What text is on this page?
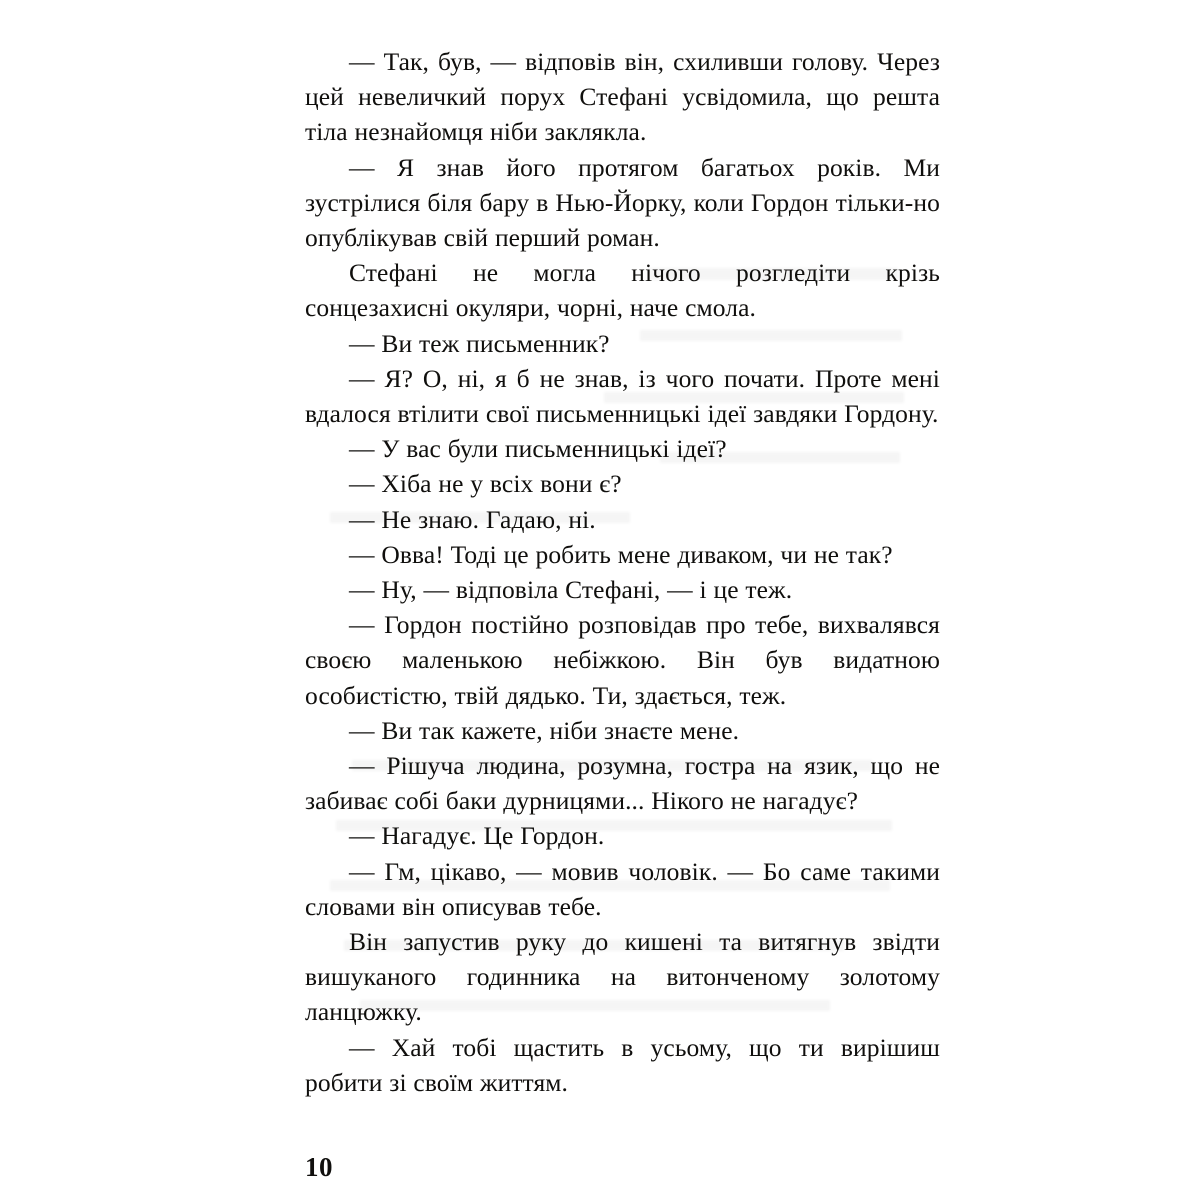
— Так, був, — відповів він, схиливши голову. Через цей невеличкий порух Стефані усвідомила, що решта тіла незнайомця ніби заклякла.

— Я знав його протягом багатьох років. Ми зустрілися біля бару в Нью-Йорку, коли Гордон тільки-но опублікував свій перший роман.

Стефані не могла нічого розгледіти крізь сонцезахисні окуляри, чорні, наче смола.

— Ви теж письменник?

— Я? О, ні, я б не знав, із чого почати. Проте мені вдалося втілити свої письменницькі ідеї завдяки Гордону.

— У вас були письменницькі ідеї?

— Хіба не у всіх вони є?

— Не знаю. Гадаю, ні.

— Овва! Тоді це робить мене диваком, чи не так?

— Ну, — відповіла Стефані, — і це теж.

— Гордон постійно розповідав про тебе, вихвалявся своєю маленькою небіжкою. Він був видатною особистістю, твій дядько. Ти, здається, теж.

— Ви так кажете, ніби знаєте мене.

— Рішуча людина, розумна, гостра на язик, що не забиває собі баки дурницями... Нікого не нагадує?

— Нагадує. Це Гордон.

— Гм, цікаво, — мовив чоловік. — Бо саме такими словами він описував тебе.

Він запустив руку до кишені та витягнув звідти вишуканого годинника на витонченому золотому ланцюжку.

— Хай тобі щастить в усьому, що ти вирішиш робити зі своїм життям.

10
